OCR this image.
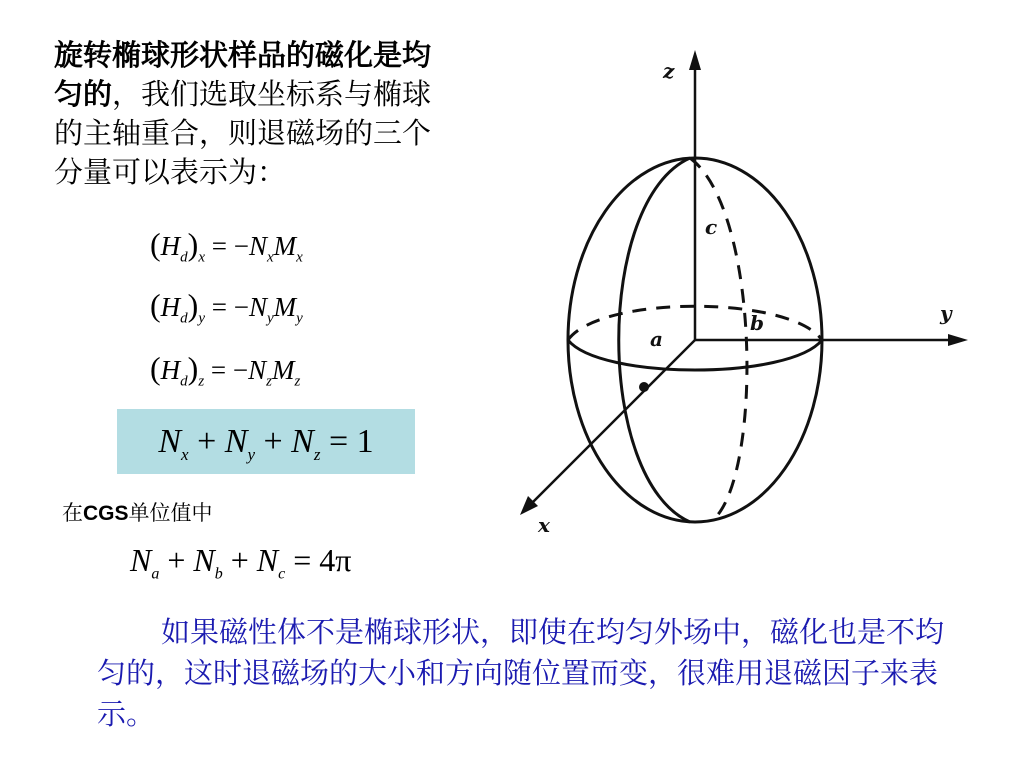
旋转椭球形状样品的磁化是均匀的，我们选取坐标系与椭球的主轴重合，则退磁场的三个分量可以表示为：

$(H_d)_x = -N_xM_x$
$(H_d)_y = -N_yM_y$
$(H_d)_z = -N_zM_z$
$N_x + N_y + N_z = 1$
在CGS单位值中
$N_a + N_b + N_c = 4\pi$

如果磁性体不是椭球形状，即使在均匀外场中，磁化也是不均匀的，这时退磁场的大小和方向随位置而变，很难用退磁因子来表示。

z
y
x
c
b
a
